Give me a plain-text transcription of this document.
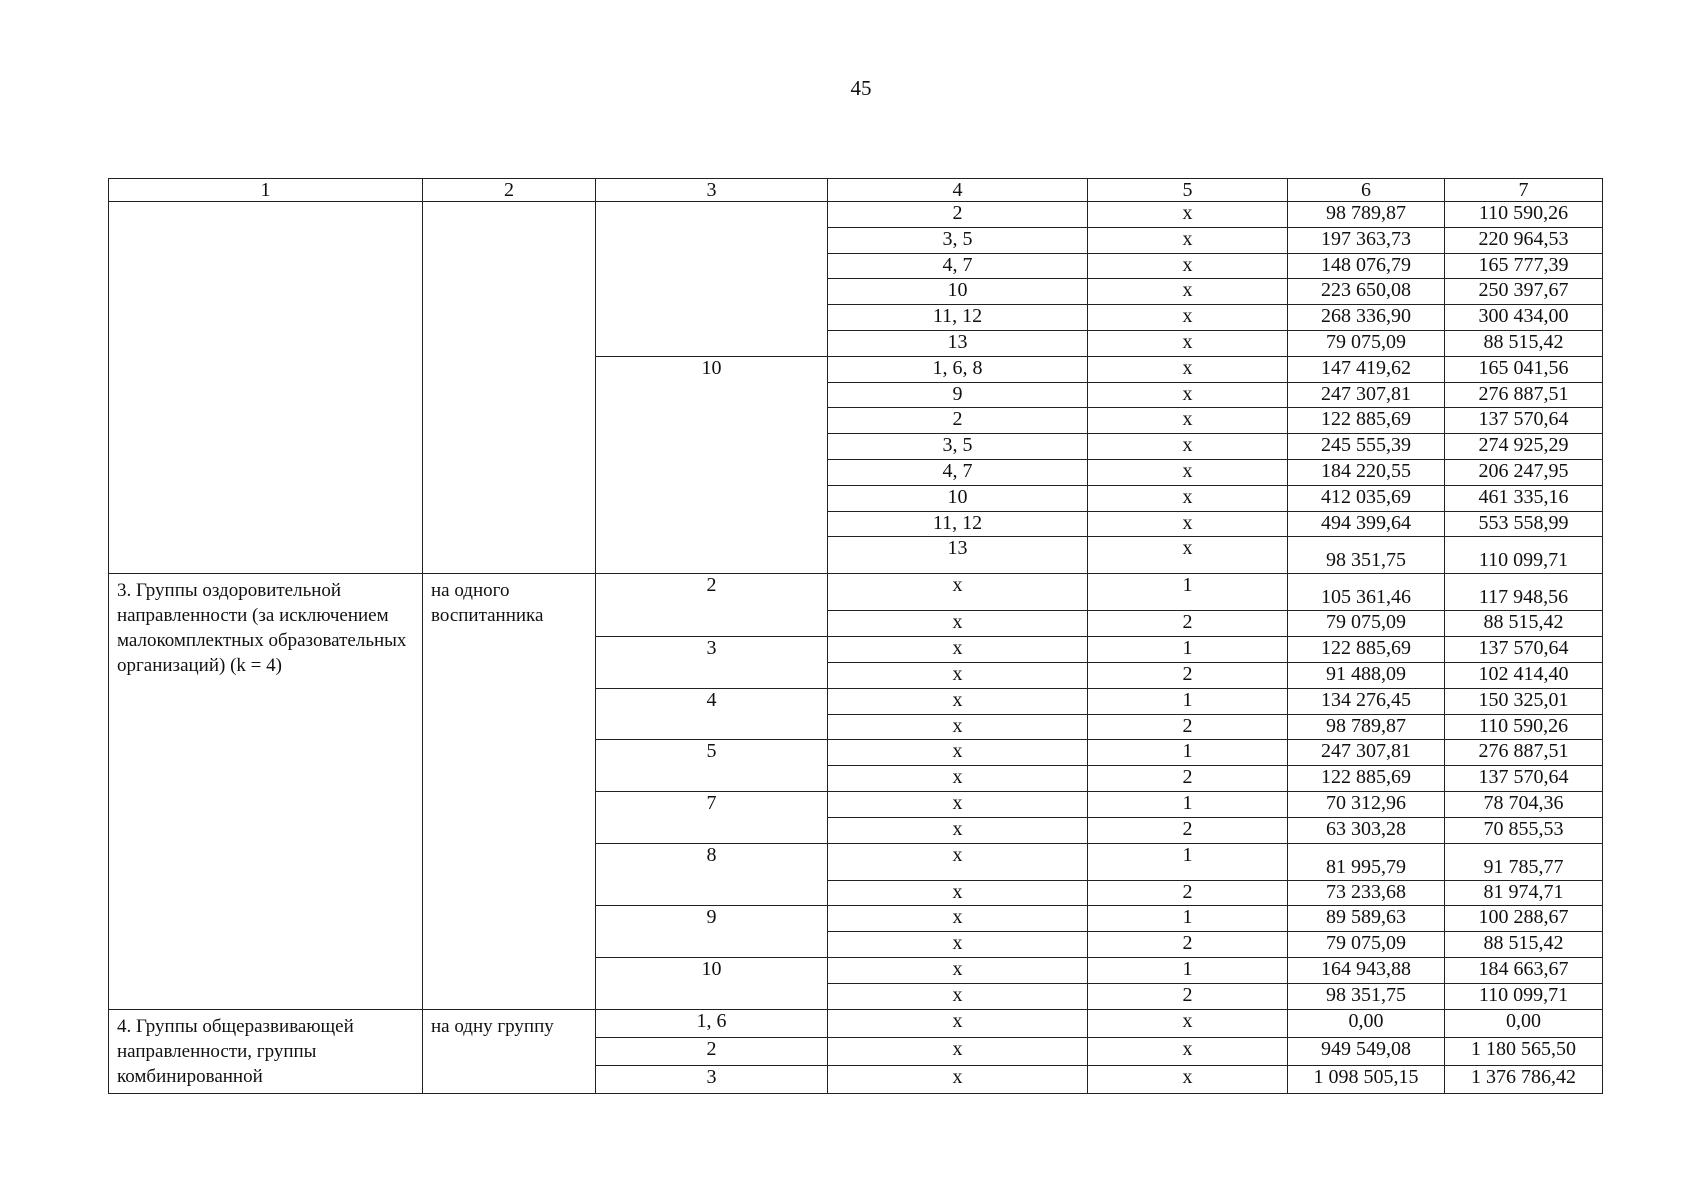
45
1	2	3	4	5	6	7
			2	х	98 789,87	110 590,26
			3, 5	х	197 363,73	220 964,53
			4, 7	х	148 076,79	165 777,39
			10	х	223 650,08	250 397,67
			11, 12	х	268 336,90	300 434,00
			13	х	79 075,09	88 515,42
		10	1, 6, 8	х	147 419,62	165 041,56
			9	х	247 307,81	276 887,51
			2	х	122 885,69	137 570,64
			3, 5	х	245 555,39	274 925,29
			4, 7	х	184 220,55	206 247,95
			10	х	412 035,69	461 335,16
			11, 12	х	494 399,64	553 558,99
			13	х	98 351,75	110 099,71
3. Группы оздоровительной направленности (за исключением малокомплектных образовательных организаций) (k = 4)	на одного воспитанника	2	х	1	105 361,46	117 948,56
			х	2	79 075,09	88 515,42
		3	х	1	122 885,69	137 570,64
			х	2	91 488,09	102 414,40
		4	х	1	134 276,45	150 325,01
			х	2	98 789,87	110 590,26
		5	х	1	247 307,81	276 887,51
			х	2	122 885,69	137 570,64
		7	х	1	70 312,96	78 704,36
			х	2	63 303,28	70 855,53
		8	х	1	81 995,79	91 785,77
			х	2	73 233,68	81 974,71
		9	х	1	89 589,63	100 288,67
			х	2	79 075,09	88 515,42
		10	х	1	164 943,88	184 663,67
			х	2	98 351,75	110 099,71
4. Группы общеразвивающей направленности, группы комбинированной	на одну группу	1, 6	х	х	0,00	0,00
		2	х	х	949 549,08	1 180 565,50
		3	х	х	1 098 505,15	1 376 786,42
